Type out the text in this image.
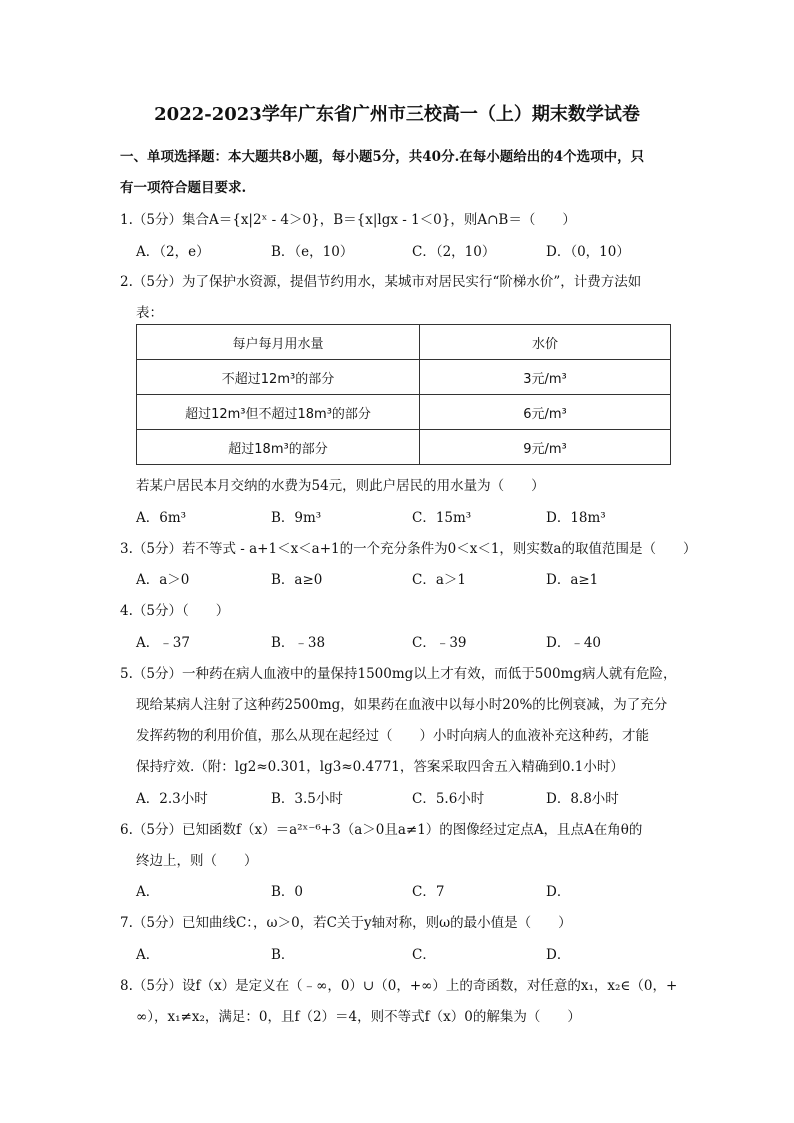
2022-2023学年广东省广州市三校高一（上）期末数学试卷
一、单项选择题：本大题共8小题，每小题5分，共40分.在每小题给出的4个选项中，只
有一项符合题目要求.
1.（5分）集合A＝{x|2ˣ - 4＞0}，B＝{x|lgx - 1＜0}，则A∩B＝（　　）
A．（2，e）	B．（e，10）	C．（2，10）	D．（0，10）
2.（5分）为了保护水资源，提倡节约用水，某城市对居民实行“阶梯水价”，计费方法如
表：
每户每月用水量	水价
不超过12m³的部分	3元/m³
超过12m³但不超过18m³的部分	6元/m³
超过18m³的部分	9元/m³
若某户居民本月交纳的水费为54元，则此户居民的用水量为（　　）
A．6m³	B．9m³	C．15m³	D．18m³
3.（5分）若不等式 - a+1＜x＜a+1的一个充分条件为0＜x＜1，则实数a的取值范围是（　　）
A．a＞0	B．a≥0	C．a＞1	D．a≥1
4.（5分）（　　）
A．﹣37	B．﹣38	C．﹣39	D．﹣40
5.（5分）一种药在病人血液中的量保持1500mg以上才有效，而低于500mg病人就有危险，
现给某病人注射了这种药2500mg，如果药在血液中以每小时20%的比例衰减，为了充分
发挥药物的利用价值，那么从现在起经过（　　）小时向病人的血液补充这种药，才能
保持疗效.（附：lg2≈0.301，lg3≈0.4771，答案采取四舍五入精确到0.1小时）
A．2.3小时	B．3.5小时	C．5.6小时	D．8.8小时
6.（5分）已知函数f（x）＝a²ˣ⁻⁶+3（a＞0且a≠1）的图像经过定点A，且点A在角θ的
终边上，则（　　）
A．	B．0	C．7	D．
7.（5分）已知曲线C：，ω＞0，若C关于y轴对称，则ω的最小值是（　　）
A．	B．	C．	D．
8.（5分）设f（x）是定义在（﹣∞，0）∪（0，+∞）上的奇函数，对任意的x₁，x₂∈（0，+
∞），x₁≠x₂，满足：0，且f（2）＝4，则不等式f（x）0的解集为（　　）
